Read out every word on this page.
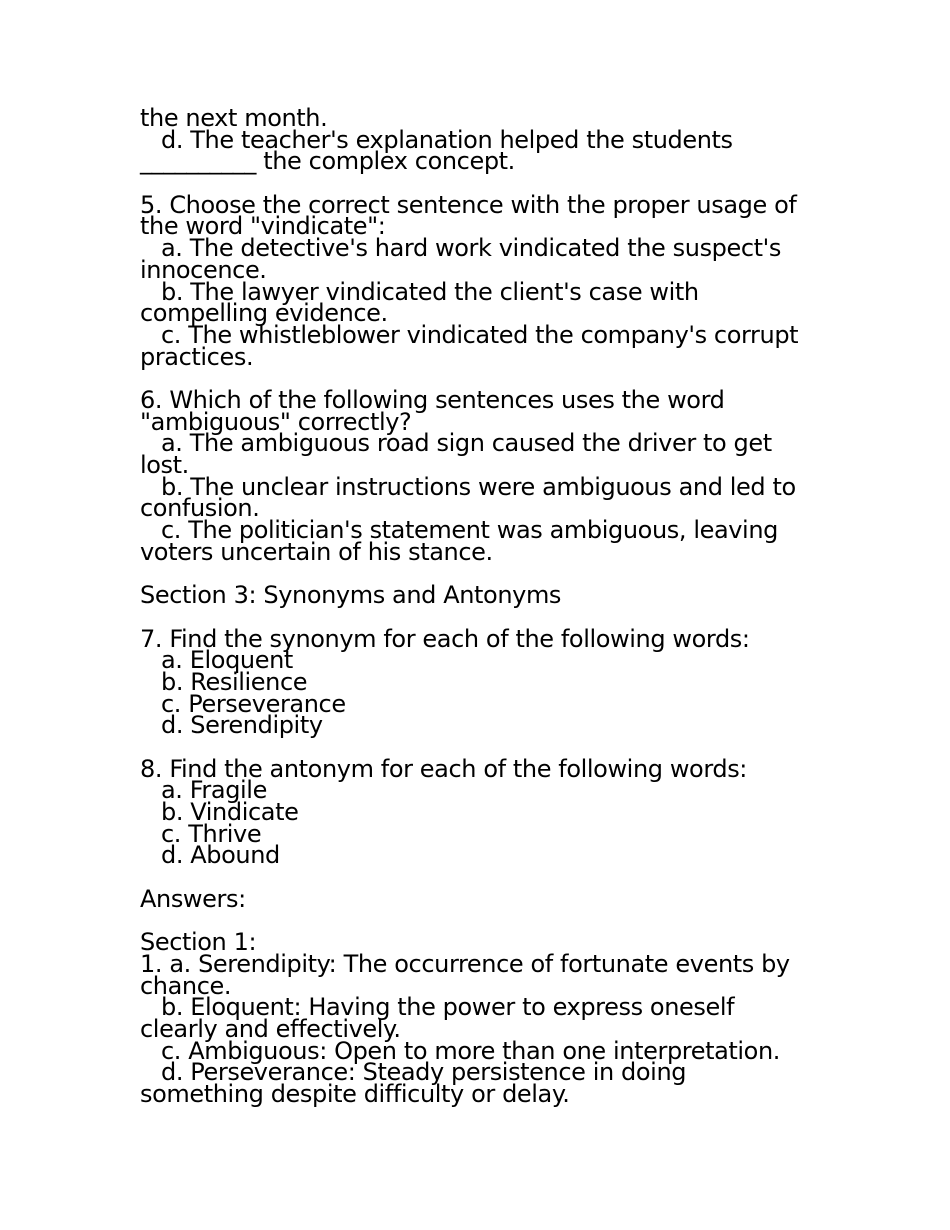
the next month.
d. The teacher's explanation helped the students
__________ the complex concept.
5. Choose the correct sentence with the proper usage of
the word "vindicate":
a. The detective's hard work vindicated the suspect's
innocence.
b. The lawyer vindicated the client's case with
compelling evidence.
c. The whistleblower vindicated the company's corrupt
practices.
6. Which of the following sentences uses the word
"ambiguous" correctly?
a. The ambiguous road sign caused the driver to get
lost.
b. The unclear instructions were ambiguous and led to
confusion.
c. The politician's statement was ambiguous, leaving
voters uncertain of his stance.
Section 3: Synonyms and Antonyms
7. Find the synonym for each of the following words:
a. Eloquent
b. Resilience
c. Perseverance
d. Serendipity
8. Find the antonym for each of the following words:
a. Fragile
b. Vindicate
c. Thrive
d. Abound
Answers:
Section 1:
1. a. Serendipity: The occurrence of fortunate events by
chance.
b. Eloquent: Having the power to express oneself
clearly and effectively.
c. Ambiguous: Open to more than one interpretation.
d. Perseverance: Steady persistence in doing
something despite difficulty or delay.
